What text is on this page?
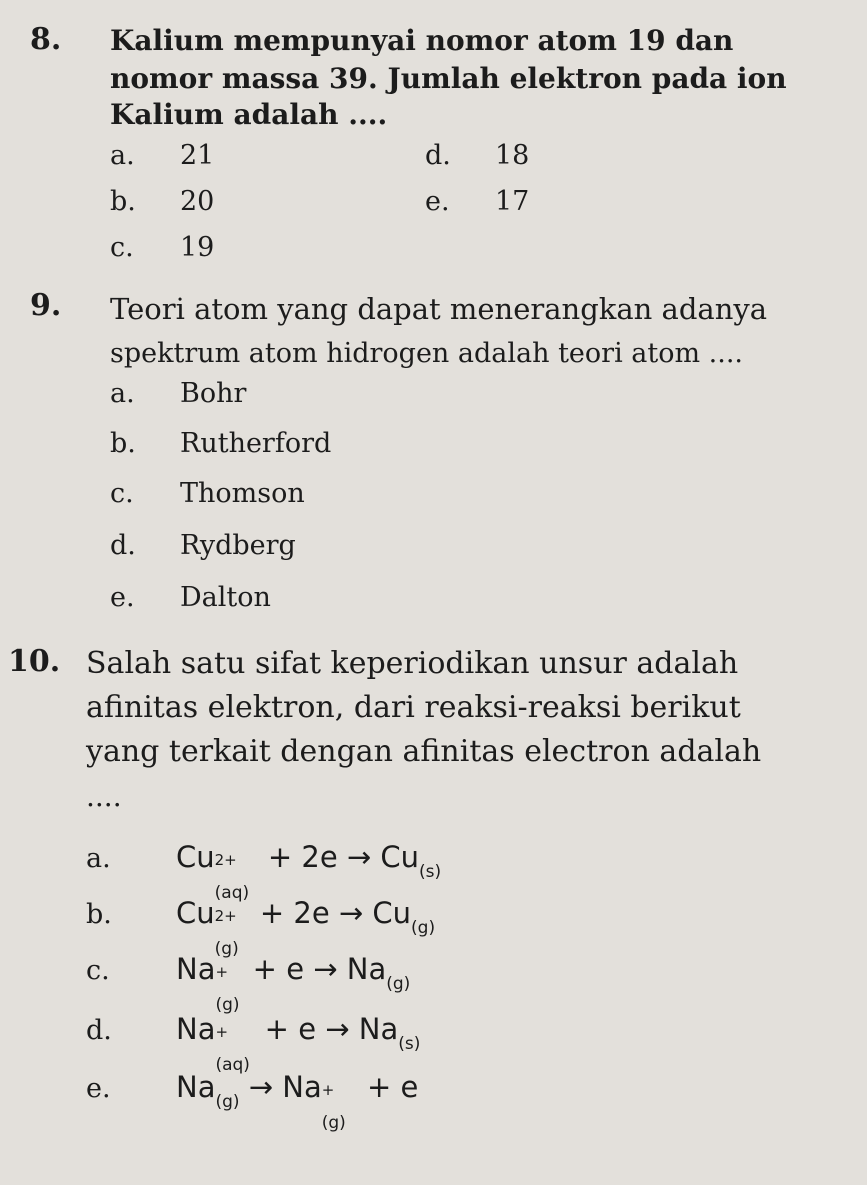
8. Kalium mempunyai nomor atom 19 dan
nomor massa 39. Jumlah elektron pada ion
Kalium adalah ....
a. 21	d. 18
b. 20	e. 17
c. 19
9. Teori atom yang dapat menerangkan adanya
spektrum atom hidrogen adalah teori atom ....
a. Bohr
b. Rutherford
c. Thomson
d. Rydberg
e. Dalton
10. Salah satu sifat keperiodikan unsur adalah
afinitas elektron, dari reaksi-reaksi berikut
yang terkait dengan afinitas electron adalah
....
a. Cu 2+
(aq)
+ $2e \to Cu_{(s)}$
b. Cu 2+
(g)
+ $2e \to Cu_{(g)}$
c. Na +
(g)
+ $e \to Na_{(g)}$
d. Na +
(aq)
+ $e \to Na_{(s)}$
e. $Na_{(g)} \to Na$ +
(g)
+ e
